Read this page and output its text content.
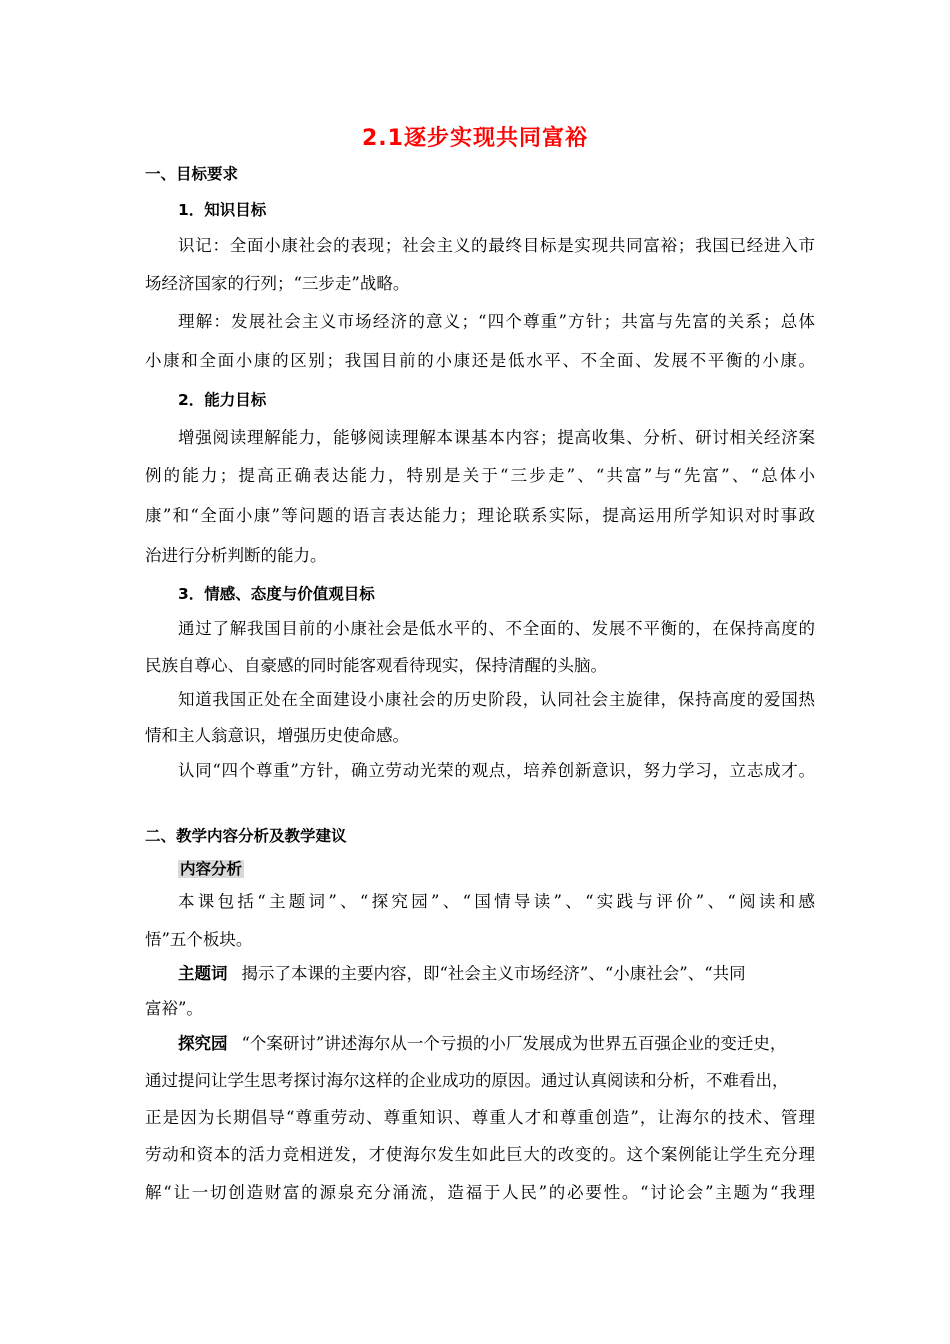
2.1逐步实现共同富裕
一、目标要求
1．知识目标
识记：全面小康社会的表现；社会主义的最终目标是实现共同富裕；我国已经进入市
场经济国家的行列；“三步走”战略。
理解：发展社会主义市场经济的意义；“四个尊重”方针；共富与先富的关系；总体
小康和全面小康的区别；我国目前的小康还是低水平、不全面、发展不平衡的小康。
2．能力目标
增强阅读理解能力，能够阅读理解本课基本内容；提高收集、分析、研讨相关经济案
例的能力；提高正确表达能力，特别是关于“三步走”、“共富”与“先富”、“总体小
康”和“全面小康”等问题的语言表达能力；理论联系实际，提高运用所学知识对时事政
治进行分析判断的能力。
3．情感、态度与价值观目标
通过了解我国目前的小康社会是低水平的、不全面的、发展不平衡的，在保持高度的
民族自尊心、自豪感的同时能客观看待现实，保持清醒的头脑。
知道我国正处在全面建设小康社会的历史阶段，认同社会主旋律，保持高度的爱国热
情和主人翁意识，增强历史使命感。
认同“四个尊重”方针，确立劳动光荣的观点，培养创新意识，努力学习，立志成才。
二、教学内容分析及教学建议
内容分析
本课包括“主题词”、“探究园”、“国情导读”、“实践与评价”、“阅读和感
悟”五个板块。
主题词 揭示了本课的主要内容，即“社会主义市场经济”、“小康社会”、“共同
富裕”。
探究园 “个案研讨”讲述海尔从一个亏损的小厂发展成为世界五百强企业的变迁史，
通过提问让学生思考探讨海尔这样的企业成功的原因。通过认真阅读和分析，不难看出，
正是因为长期倡导“尊重劳动、尊重知识、尊重人才和尊重创造”，让海尔的技术、管理
劳动和资本的活力竞相迸发，才使海尔发生如此巨大的改变的。这个案例能让学生充分理
解“让一切创造财富的源泉充分涌流，造福于人民”的必要性。“讨论会”主题为“我理
